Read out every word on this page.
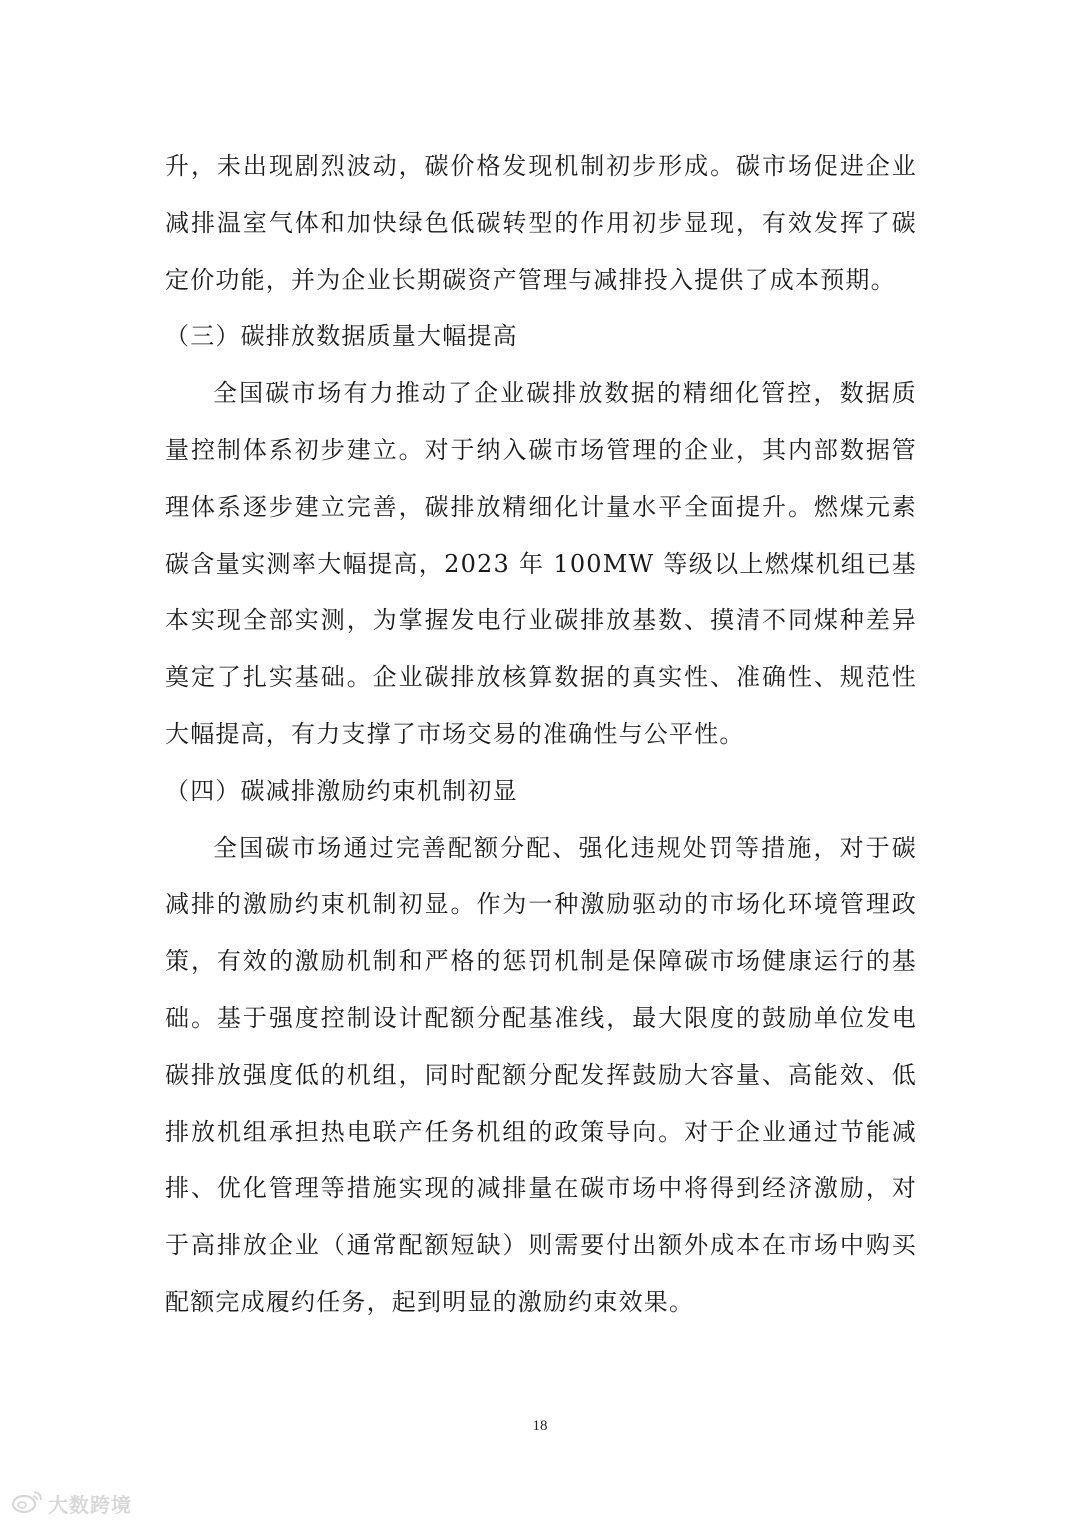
升，未出现剧烈波动，碳价格发现机制初步形成。碳市场促进企业减排温室气体和加快绿色低碳转型的作用初步显现，有效发挥了碳定价功能，并为企业长期碳资产管理与减排投入提供了成本预期。

（三）碳排放数据质量大幅提高

全国碳市场有力推动了企业碳排放数据的精细化管控，数据质量控制体系初步建立。对于纳入碳市场管理的企业，其内部数据管理体系逐步建立完善，碳排放精细化计量水平全面提升。燃煤元素碳含量实测率大幅提高，2023 年 100MW 等级以上燃煤机组已基本实现全部实测，为掌握发电行业碳排放基数、摸清不同煤种差异奠定了扎实基础。企业碳排放核算数据的真实性、准确性、规范性大幅提高，有力支撑了市场交易的准确性与公平性。

（四）碳减排激励约束机制初显

全国碳市场通过完善配额分配、强化违规处罚等措施，对于碳减排的激励约束机制初显。作为一种激励驱动的市场化环境管理政策，有效的激励机制和严格的惩罚机制是保障碳市场健康运行的基础。基于强度控制设计配额分配基准线，最大限度的鼓励单位发电碳排放强度低的机组，同时配额分配发挥鼓励大容量、高能效、低排放机组承担热电联产任务机组的政策导向。对于企业通过节能减排、优化管理等措施实现的减排量在碳市场中将得到经济激励，对于高排放企业（通常配额短缺）则需要付出额外成本在市场中购买配额完成履约任务，起到明显的激励约束效果。

18
大数跨境
